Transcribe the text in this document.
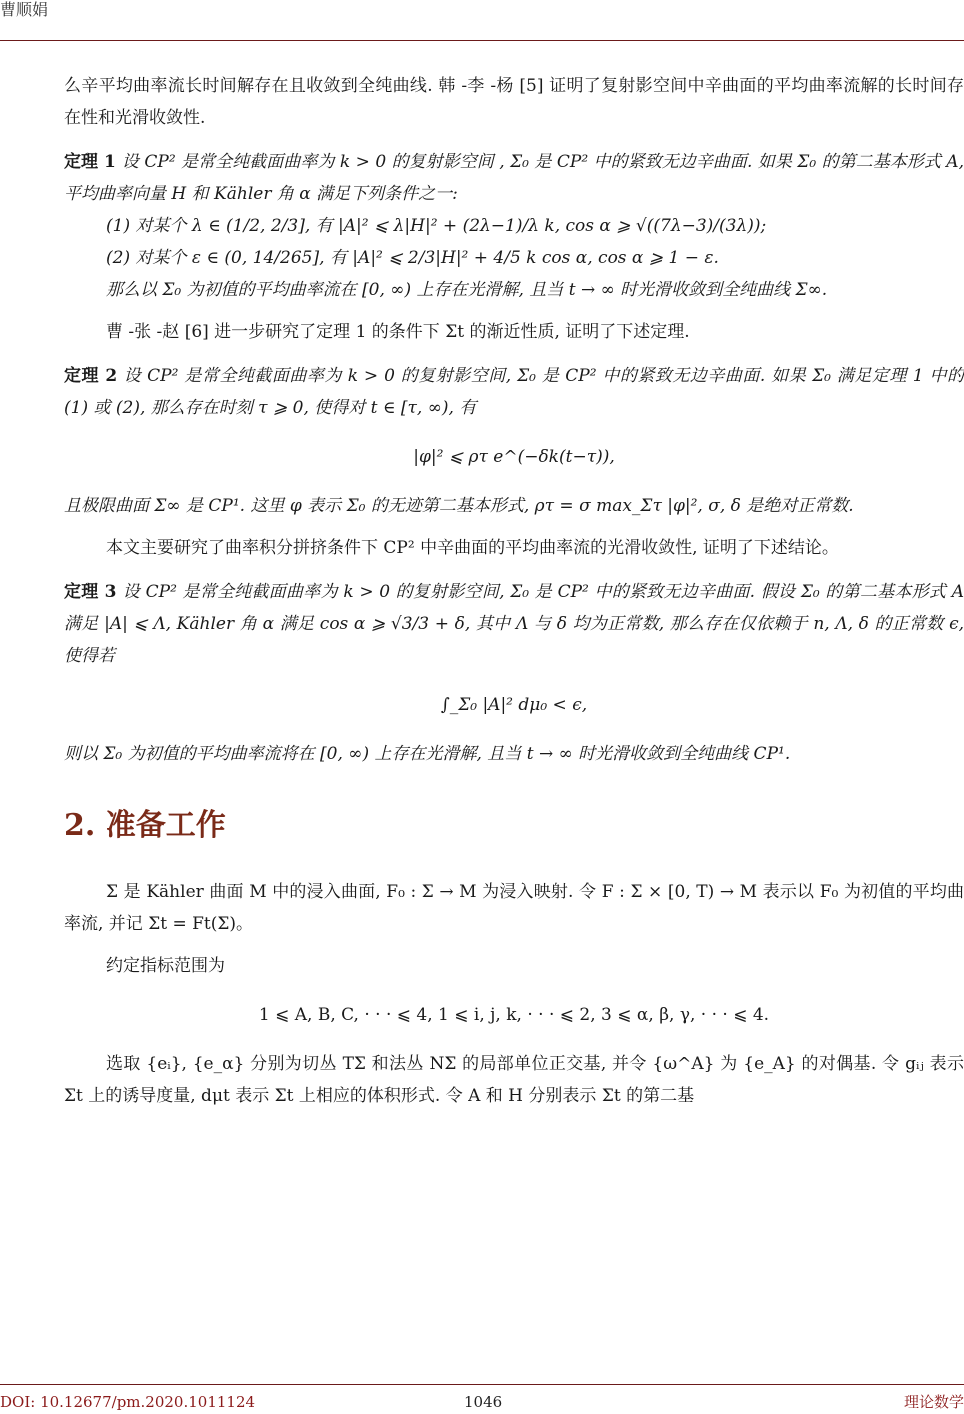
曹顺娟

么辛平均曲率流长时间解存在且收敛到全纯曲线. 韩 -李 -杨 [5] 证明了复射影空间中辛曲面的平均曲率流解的长时间存在性和光滑收敛性.

定理 1 设 CP² 是常全纯截面曲率为 k > 0 的复射影空间 , Σ₀ 是 CP² 中的紧致无边辛曲面. 如果 Σ₀ 的第二基本形式 A, 平均曲率向量 H 和 Kähler 角 α 满足下列条件之一:

(1) 对某个 λ ∈ (1/2, 2/3], 有 |A|² ⩽ λ|H|² + (2λ−1)/λ k, cos α ⩾ √((7λ−3)/(3λ));

(2) 对某个 ε ∈ (0, 14/265], 有 |A|² ⩽ 2/3|H|² + 4/5 k cos α, cos α ⩾ 1 − ε.

那么以 Σ₀ 为初值的平均曲率流在 [0, ∞) 上存在光滑解, 且当 t → ∞ 时光滑收敛到全纯曲线 Σ∞.

曹 -张 -赵 [6] 进一步研究了定理 1 的条件下 Σt 的渐近性质, 证明了下述定理.

定理 2 设 CP² 是常全纯截面曲率为 k > 0 的复射影空间, Σ₀ 是 CP² 中的紧致无边辛曲面. 如果 Σ₀ 满足定理 1 中的 (1) 或 (2), 那么存在时刻 τ ⩾ 0, 使得对 t ∈ [τ, ∞), 有

|φ|² ⩽ ρτ e^(−δk(t−τ)),

且极限曲面 Σ∞ 是 CP¹. 这里 φ 表示 Σ₀ 的无迹第二基本形式, ρτ = σ max_Στ |φ|², σ, δ 是绝对正常数.

本文主要研究了曲率积分拼挤条件下 CP² 中辛曲面的平均曲率流的光滑收敛性, 证明了下述结论。

定理 3 设 CP² 是常全纯截面曲率为 k > 0 的复射影空间, Σ₀ 是 CP² 中的紧致无边辛曲面. 假设 Σ₀ 的第二基本形式 A 满足 |A| ⩽ Λ, Kähler 角 α 满足 cos α ⩾ √3/3 + δ, 其中 Λ 与 δ 均为正常数, 那么存在仅依赖于 n, Λ, δ 的正常数 ϵ, 使得若

∫_Σ₀ |A|² dμ₀ < ϵ,

则以 Σ₀ 为初值的平均曲率流将在 [0, ∞) 上存在光滑解, 且当 t → ∞ 时光滑收敛到全纯曲线 CP¹.

2. 准备工作

Σ 是 Kähler 曲面 M 中的浸入曲面, F₀ : Σ → M 为浸入映射. 令 F : Σ × [0, T) → M 表示以 F₀ 为初值的平均曲率流, 并记 Σt = Ft(Σ)。

约定指标范围为

1 ⩽ A, B, C, · · · ⩽ 4, 1 ⩽ i, j, k, · · · ⩽ 2, 3 ⩽ α, β, γ, · · · ⩽ 4.

选取 {eᵢ}, {e_α} 分别为切丛 TΣ 和法丛 NΣ 的局部单位正交基, 并令 {ω^A} 为 {e_A} 的对偶基. 令 gᵢⱼ 表示 Σt 上的诱导度量, dμt 表示 Σt 上相应的体积形式. 令 A 和 H 分别表示 Σt 的第二基

DOI: 10.12677/pm.2020.1011124	1046	理论数学
